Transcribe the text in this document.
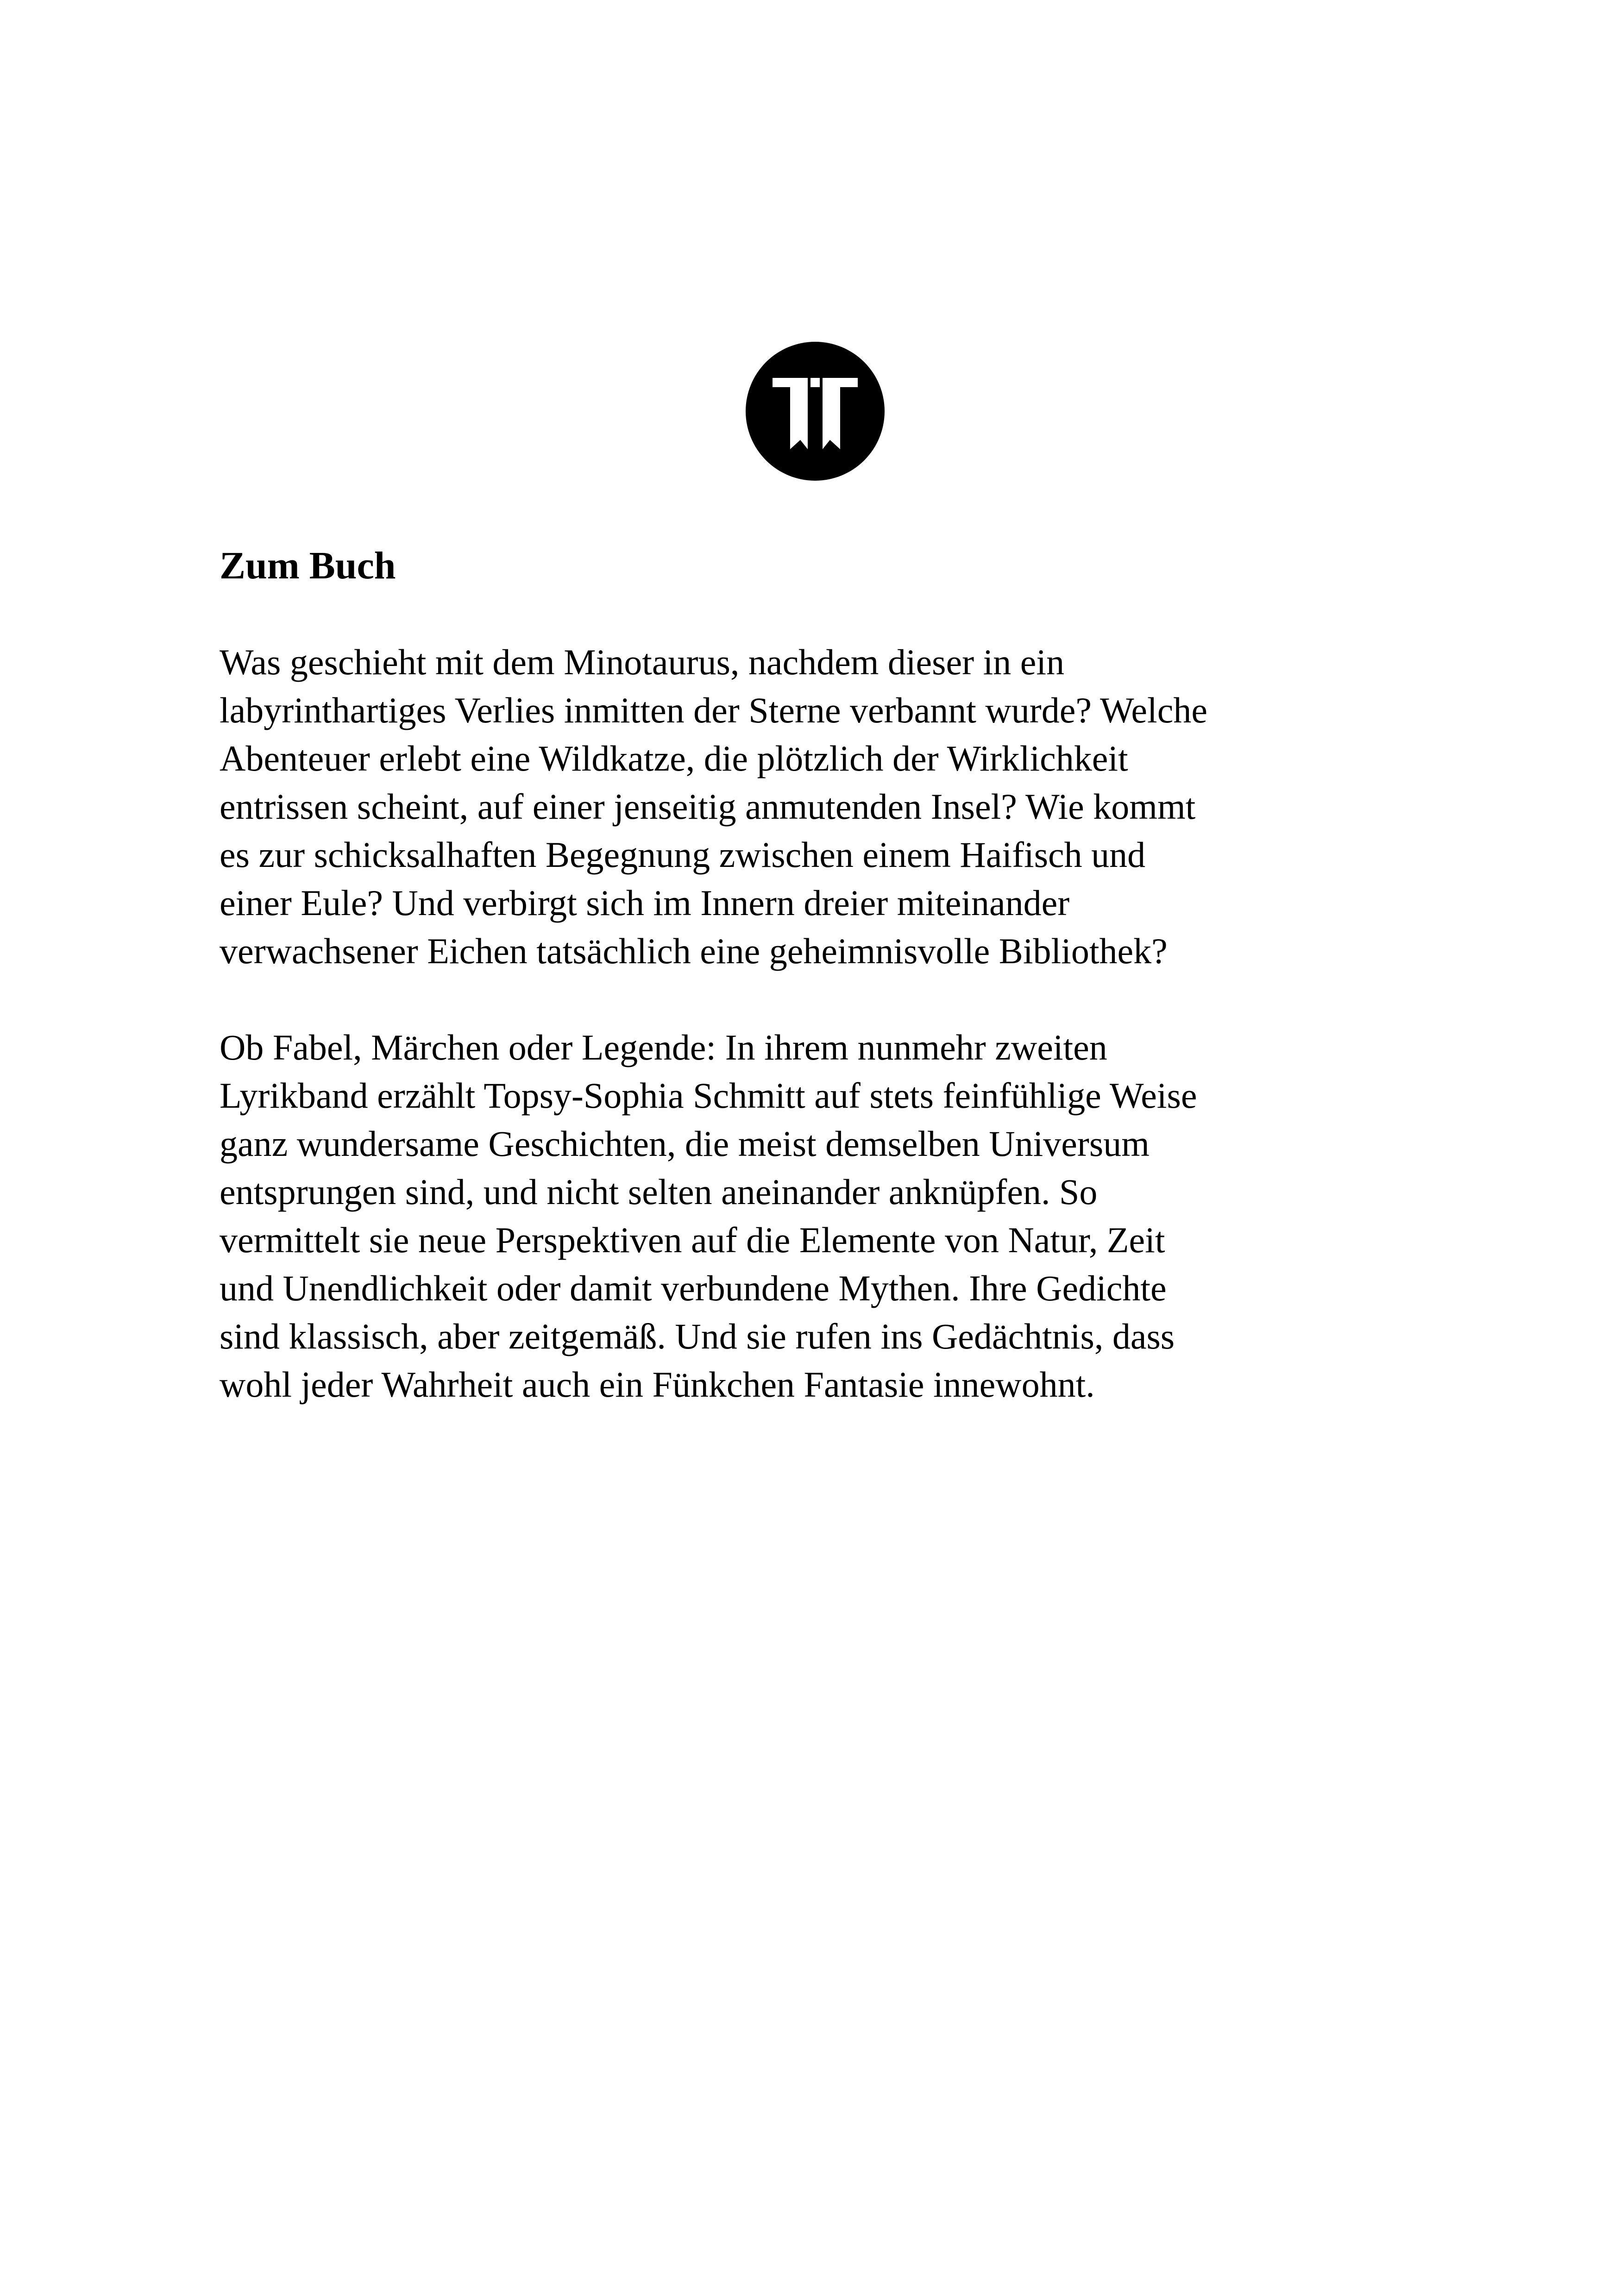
Zum Buch

Was geschieht mit dem Minotaurus, nachdem dieser in ein
labyrinthartiges Verlies inmitten der Sterne verbannt wurde? Welche
Abenteuer erlebt eine Wildkatze, die plötzlich der Wirklichkeit
entrissen scheint, auf einer jenseitig anmutenden Insel? Wie kommt
es zur schicksalhaften Begegnung zwischen einem Haifisch und
einer Eule? Und verbirgt sich im Innern dreier miteinander
verwachsener Eichen tatsächlich eine geheimnisvolle Bibliothek?

Ob Fabel, Märchen oder Legende: In ihrem nunmehr zweiten
Lyrikband erzählt Topsy-Sophia Schmitt auf stets feinfühlige Weise
ganz wundersame Geschichten, die meist demselben Universum
entsprungen sind, und nicht selten aneinander anknüpfen. So
vermittelt sie neue Perspektiven auf die Elemente von Natur, Zeit
und Unendlichkeit oder damit verbundene Mythen. Ihre Gedichte
sind klassisch, aber zeitgemäß. Und sie rufen ins Gedächtnis, dass
wohl jeder Wahrheit auch ein Fünkchen Fantasie innewohnt.
